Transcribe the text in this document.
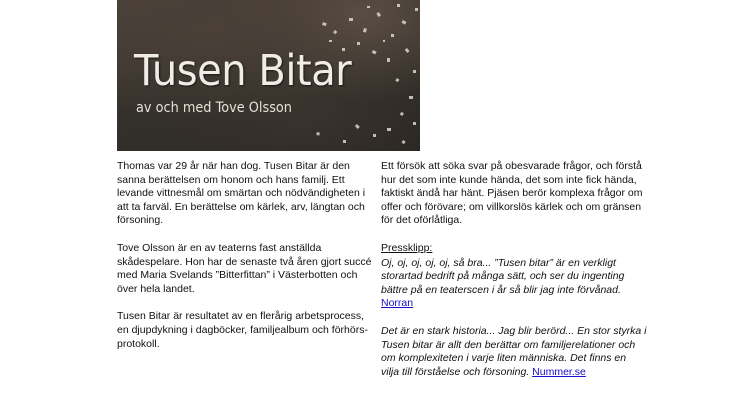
Tusen Bitar
av och med Tove Olsson

Thomas var 29 år när han dog. Tusen Bitar är den sanna berättelsen om honom och hans familj. Ett levande vittnesmål om smärtan och nödvändigheten i att ta farväl. En berättelse om kärlek, arv, längtan och försoning.

Tove Olsson är en av teaterns fast anställda skådespelare. Hon har de senaste två åren gjort succé med Maria Svelands ”Bitterfittan” i Västerbotten och över hela landet.

Tusen Bitar är resultatet av en flerårig arbetsprocess, en djupdykning i dagböcker, familjealbum och förhörs-protokoll.

Ett försök att söka svar på obesvarade frågor, och förstå hur det som inte kunde hända, det som inte fick hända, faktiskt ändå har hänt. Pjäsen berör komplexa frågor om offer och förövare; om villkorslös kärlek och om gränsen för det oförlåtliga.

Pressklipp:

Oj, oj, oj, oj, oj, så bra... ”Tusen bitar” är en verkligt storartad bedrift på många sätt, och ser du ingenting bättre på en teaterscen i år så blir jag inte förvånad. Norran

Det är en stark historia... Jag blir berörd... En stor styrka i Tusen bitar är allt den berättar om familjerelationer och om komplexiteten i varje liten människa. Det finns en vilja till förståelse och försoning. Nummer.se
